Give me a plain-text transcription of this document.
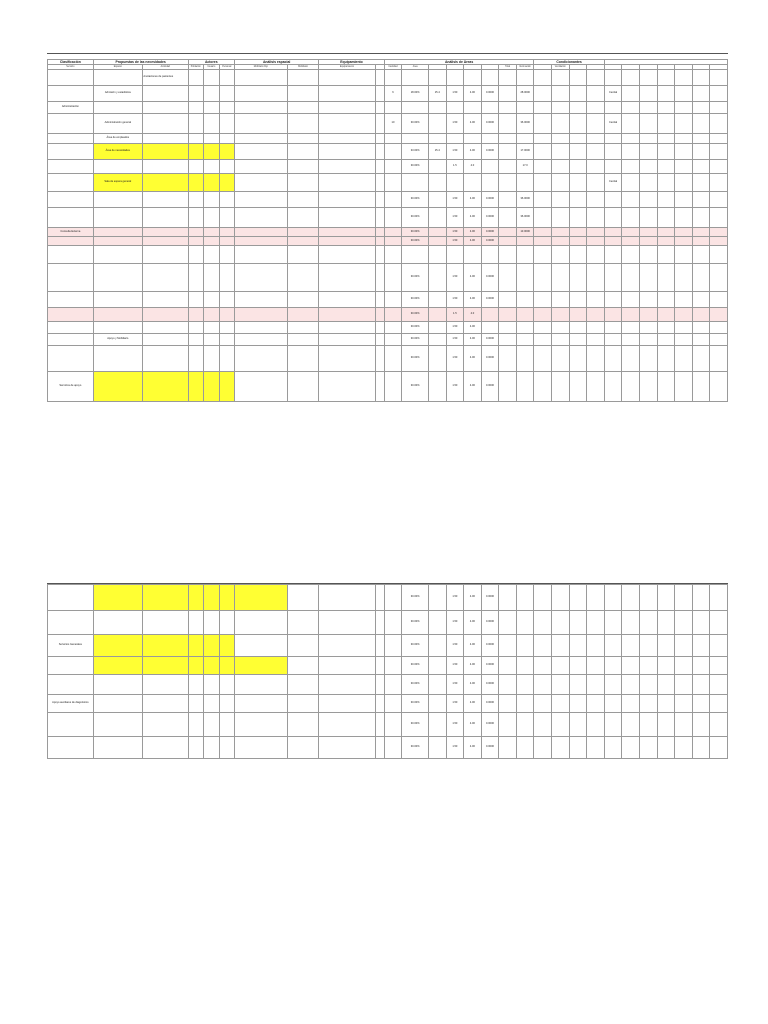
Clasificación	Propuestas de las necesidades		Actores			Análisis espacial		Equipamiento		Análisis de Áreas								Condicionantes										
Servicio	Espacio	Actividad	Población	Usuario	Personal	Mobiliario Fijo	Mobiliario	Equipamiento		Cantidad	Área					Total	Iluminación		Ventilación									
		Anotaciones de pacientes																										
	Admisión y estadística									6	18.00%	15.4	1.50	4.00	0.0000		28.0000					Cenital						
Administración																												
	Administración general									10	30.00%		1.50	4.00	0.0000		36.0000					Cenital						
	Área de empleados																											
	Área de necesidades										33.00%	15.4	1.50	4.00	0.0000		17.0000											
											30.00%		1.5	4.0			17.0											
	Sala de espera general																					Cenital						
											30.00%		1.50	4.00	0.0000		36.0000											
											30.00%		1.50	4.00	0.0000		36.0000											
Consulta Externa											30.00%		1.50	4.00	0.0000		13.0000											
											30.00%		1.50	4.00	0.0000													

											30.00%		1.50	4.00	0.0000													
											30.00%		1.50	4.00	0.0000													
											30.00%		1.5	4.0														
											30.00%		1.50	4.00														
	Apoyo y Mobiliario										30.00%		1.50	4.00	0.0000													
											30.00%		1.50	4.00	0.0000													
Servicios de apoyo											30.00%		1.50	4.00	0.0000													
											30.00%		1.50	4.00	0.0000													
											30.00%		1.50	4.00	0.0000													
Servicios Generales											30.00%		1.50	4.00	0.0000													
											30.00%		1.50	4.00	0.0000													
											30.00%		1.50	4.00	0.0000													
Apoyo auxiliares de diagnóstico											30.00%		1.50	4.00	0.0000													
											30.00%		1.50	4.00	0.0000													
											30.00%		1.50	4.00	0.0000													
